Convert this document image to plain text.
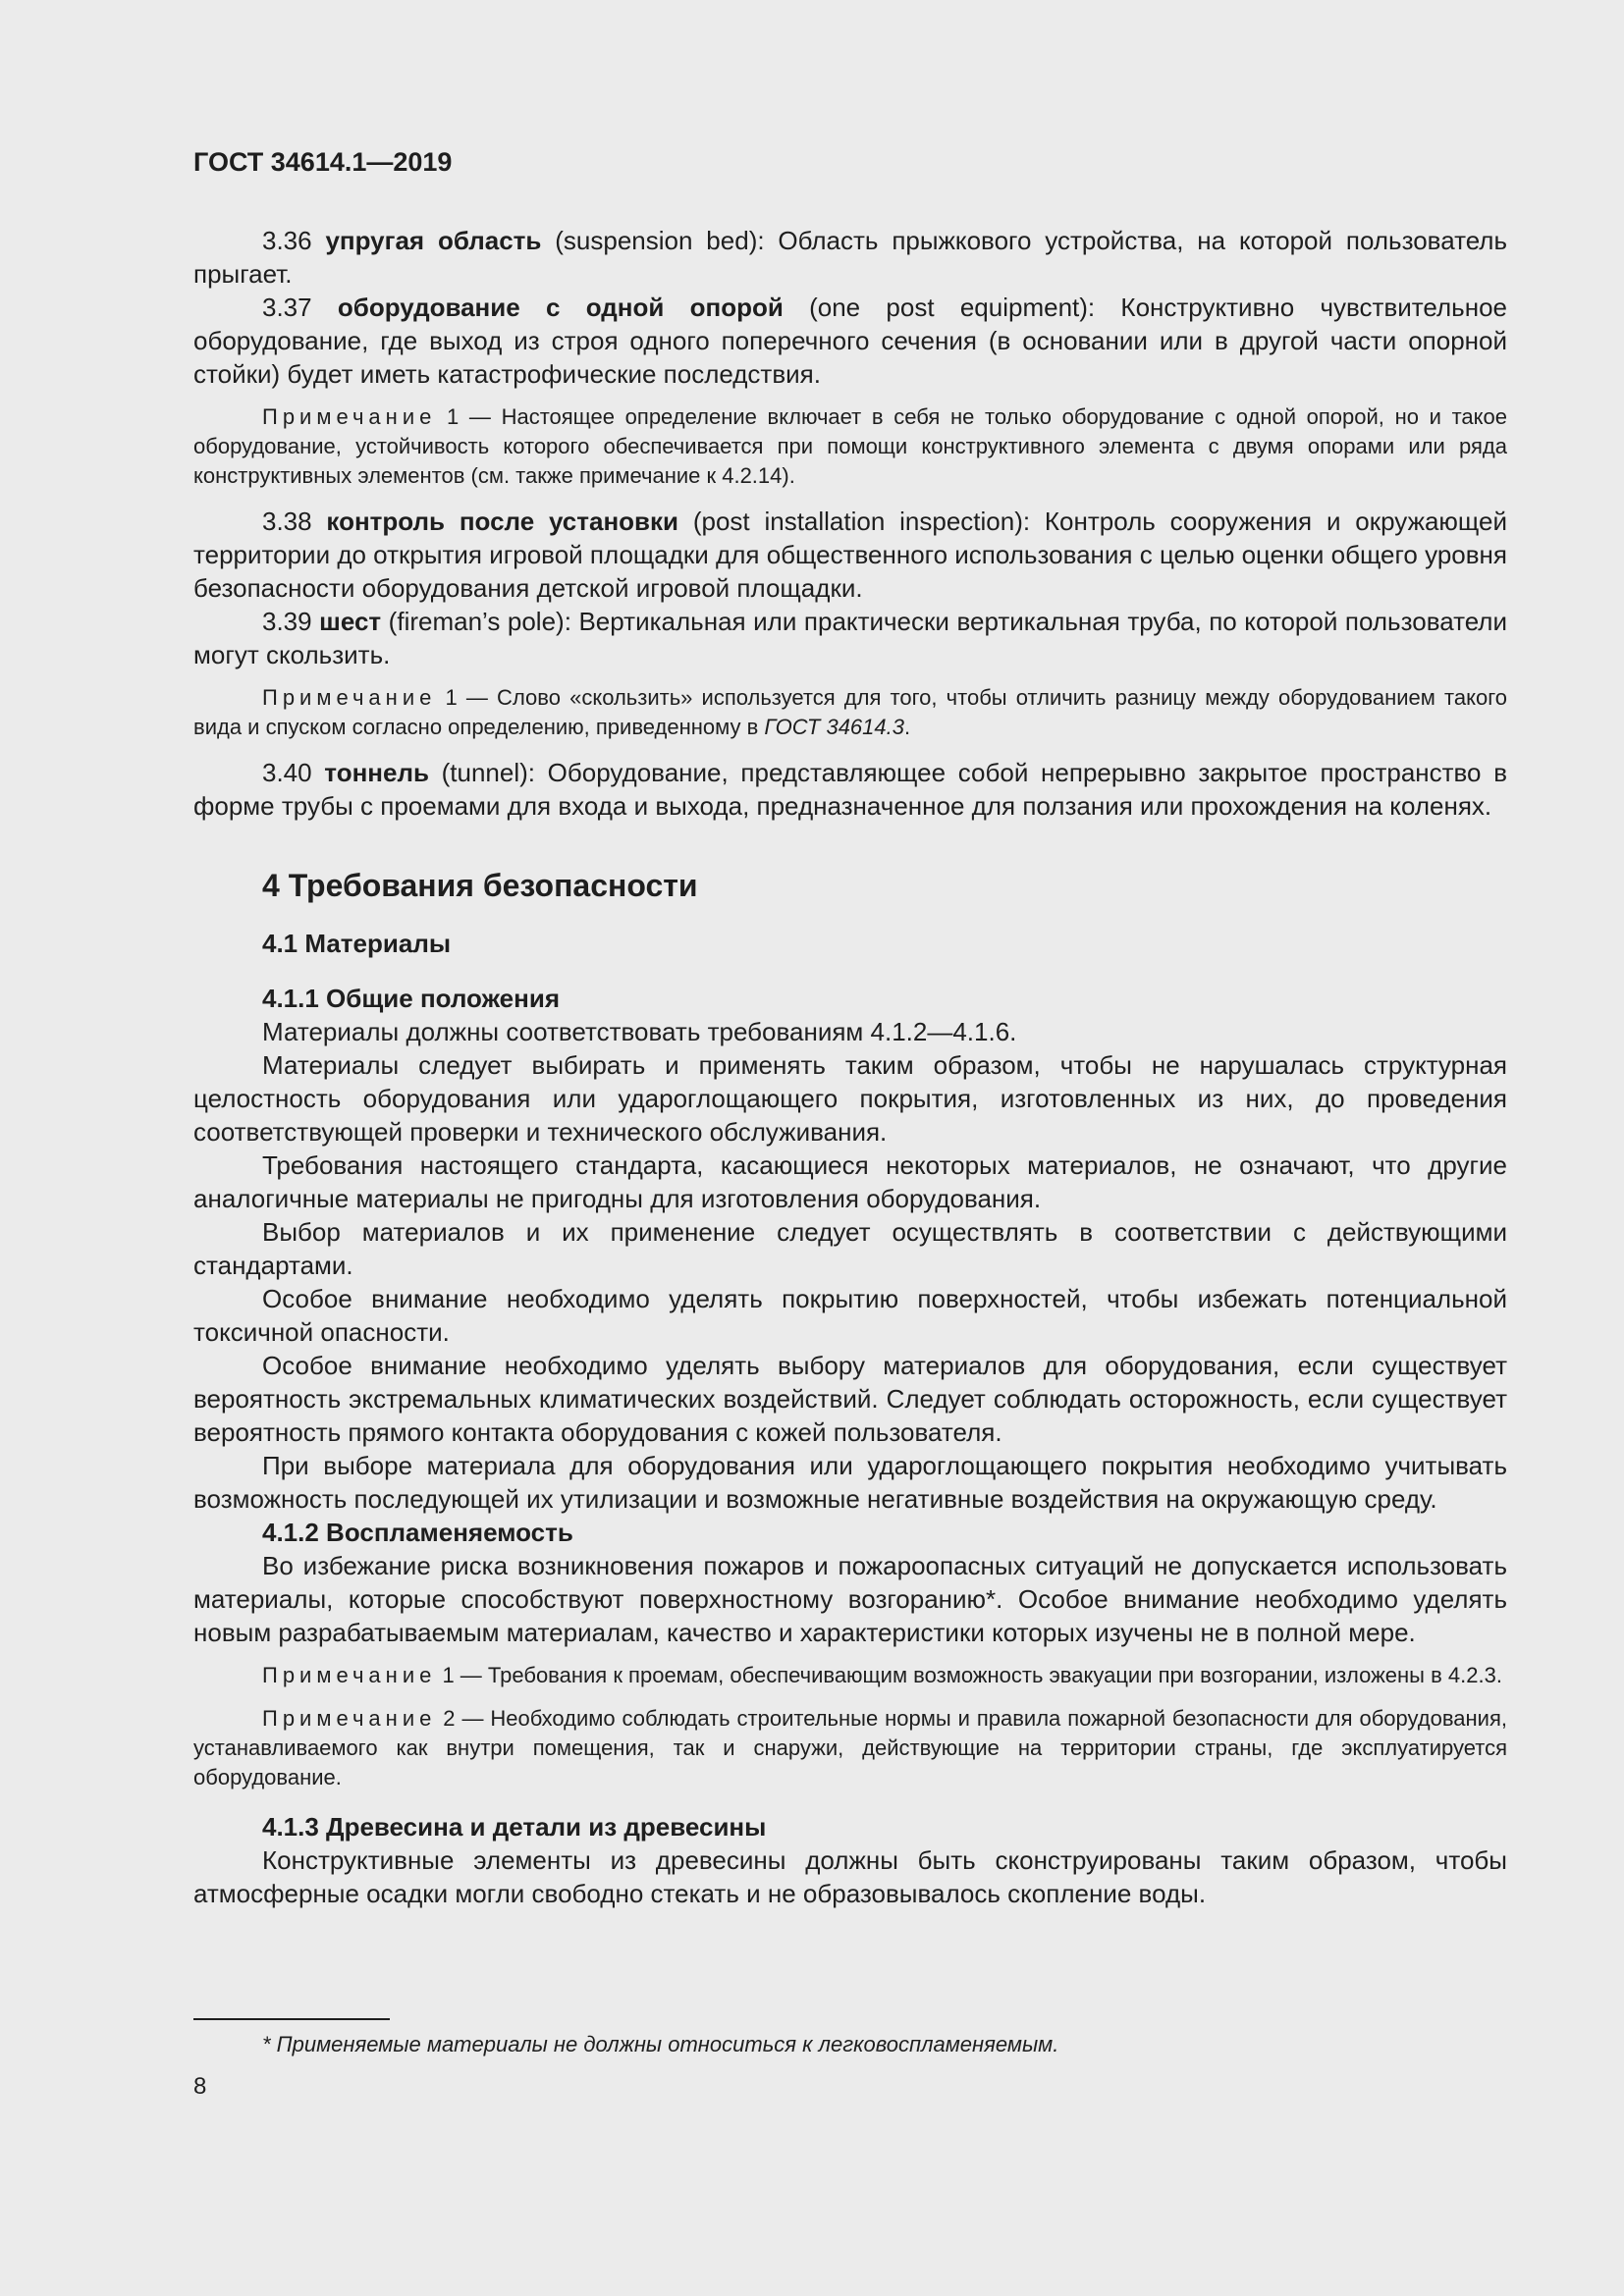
ГОСТ 34614.1—2019

3.36 упругая область (suspension bed): Область прыжкового устройства, на которой пользователь прыгает.

3.37 оборудование с одной опорой (one post equipment): Конструктивно чувствительное оборудование, где выход из строя одного поперечного сечения (в основании или в другой части опорной стойки) будет иметь катастрофические последствия.

Примечание 1 — Настоящее определение включает в себя не только оборудование с одной опорой, но и такое оборудование, устойчивость которого обеспечивается при помощи конструктивного элемента с двумя опорами или ряда конструктивных элементов (см. также примечание к 4.2.14).

3.38 контроль после установки (post installation inspection): Контроль сооружения и окружающей территории до открытия игровой площадки для общественного использования с целью оценки общего уровня безопасности оборудования детской игровой площадки.

3.39 шест (fireman’s pole): Вертикальная или практически вертикальная труба, по которой пользователи могут скользить.

Примечание 1 — Слово «скользить» используется для того, чтобы отличить разницу между оборудованием такого вида и спуском согласно определению, приведенному в ГОСТ 34614.3.

3.40 тоннель (tunnel): Оборудование, представляющее собой непрерывно закрытое пространство в форме трубы с проемами для входа и выхода, предназначенное для ползания или прохождения на коленях.

4 Требования безопасности
4.1 Материалы
4.1.1 Общие положения

Материалы должны соответствовать требованиям 4.1.2—4.1.6.

Материалы следует выбирать и применять таким образом, чтобы не нарушалась структурная целостность оборудования или удароглощающего покрытия, изготовленных из них, до проведения соответствующей проверки и технического обслуживания.

Требования настоящего стандарта, касающиеся некоторых материалов, не означают, что другие аналогичные материалы не пригодны для изготовления оборудования.

Выбор материалов и их применение следует осуществлять в соответствии с действующими стандартами.

Особое внимание необходимо уделять покрытию поверхностей, чтобы избежать потенциальной токсичной опасности.

Особое внимание необходимо уделять выбору материалов для оборудования, если существует вероятность экстремальных климатических воздействий. Следует соблюдать осторожность, если существует вероятность прямого контакта оборудования с кожей пользователя.

При выборе материала для оборудования или удароглощающего покрытия необходимо учитывать возможность последующей их утилизации и возможные негативные воздействия на окружающую среду.

4.1.2 Воспламеняемость

Во избежание риска возникновения пожаров и пожароопасных ситуаций не допускается использовать материалы, которые способствуют поверхностному возгоранию*. Особое внимание необходимо уделять новым разрабатываемым материалам, качество и характеристики которых изучены не в полной мере.

Примечание 1 — Требования к проемам, обеспечивающим возможность эвакуации при возгорании, изложены в 4.2.3.

Примечание 2 — Необходимо соблюдать строительные нормы и правила пожарной безопасности для оборудования, устанавливаемого как внутри помещения, так и снаружи, действующие на территории страны, где эксплуатируется оборудование.

4.1.3 Древесина и детали из древесины

Конструктивные элементы из древесины должны быть сконструированы таким образом, чтобы атмосферные осадки могли свободно стекать и не образовывалось скопление воды.

* Применяемые материалы не должны относиться к легковоспламеняемым.
8
